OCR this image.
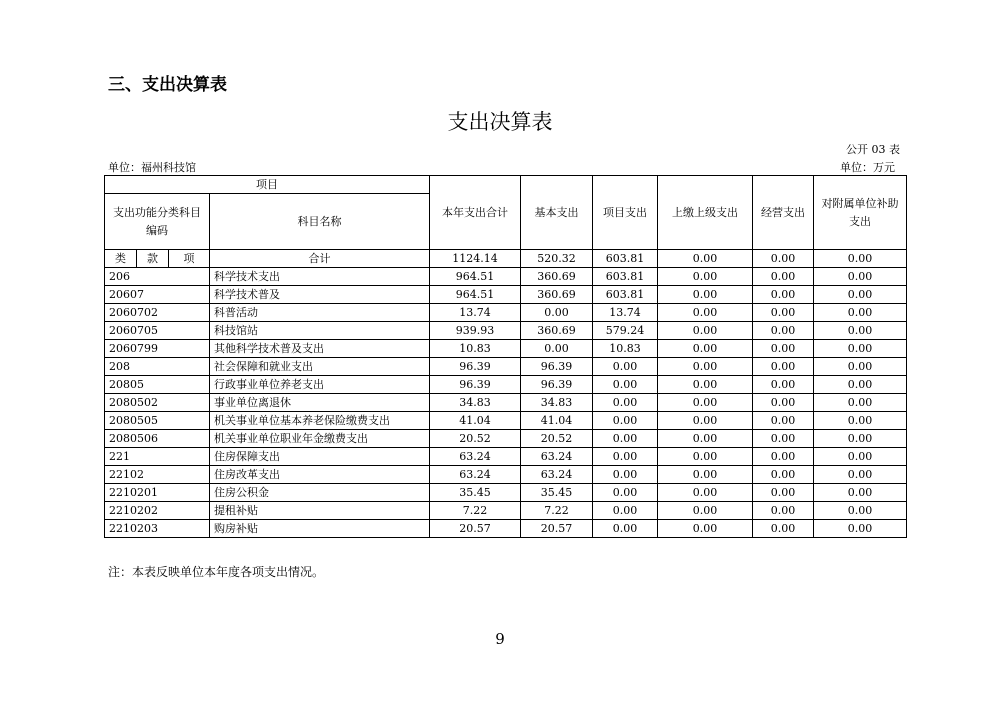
三、支出决算表
支出决算表
公开 03 表
单位：福州科技馆	单位：万元
项目				本年支出合计	基本支出	项目支出	上缴上级支出	经营支出	对附属单位补助支出
支出功能分类科目编码			科目名称						
类	款	项	合计	1124.14	520.32	603.81	0.00	0.00	0.00
206			科学技术支出	964.51	360.69	603.81	0.00	0.00	0.00
20607			科学技术普及	964.51	360.69	603.81	0.00	0.00	0.00
2060702			科普活动	13.74	0.00	13.74	0.00	0.00	0.00
2060705			科技馆站	939.93	360.69	579.24	0.00	0.00	0.00
2060799			其他科学技术普及支出	10.83	0.00	10.83	0.00	0.00	0.00
208			社会保障和就业支出	96.39	96.39	0.00	0.00	0.00	0.00
20805			行政事业单位养老支出	96.39	96.39	0.00	0.00	0.00	0.00
2080502			事业单位离退休	34.83	34.83	0.00	0.00	0.00	0.00
2080505			机关事业单位基本养老保险缴费支出	41.04	41.04	0.00	0.00	0.00	0.00
2080506			机关事业单位职业年金缴费支出	20.52	20.52	0.00	0.00	0.00	0.00
221			住房保障支出	63.24	63.24	0.00	0.00	0.00	0.00
22102			住房改革支出	63.24	63.24	0.00	0.00	0.00	0.00
2210201			住房公积金	35.45	35.45	0.00	0.00	0.00	0.00
2210202			提租补贴	7.22	7.22	0.00	0.00	0.00	0.00
2210203			购房补贴	20.57	20.57	0.00	0.00	0.00	0.00
注：本表反映单位本年度各项支出情况。
9
